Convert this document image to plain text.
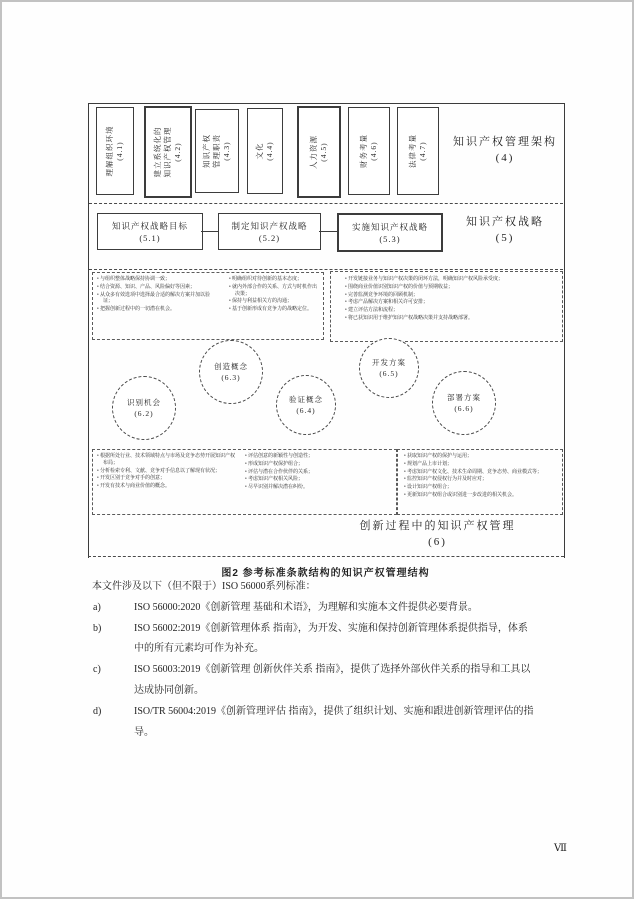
理解组织环境 (4.1)	建立系统化的 知识产权管理 (4.2)	知识产权 管理职责 (4.3)	文化 (4.4)	人力资源 (4.5)	财务考量 (4.6)	法律考量 (4.7) 知识产权管理架构
(4)
知识产权战略目标
(5.1)
制定知识产权战略
(5.2)
实施知识产权战略
(5.3)
知识产权战略
(5)
• 与组织整体战略保持协调一致；
• 结合资源、知识、产品、风险偏好等因素；
• 从众多有效选项中选择最合适的解决方案并加以验证；
• 把握创新过程中的一切潜在机会。
• 明确组织对待创新的基本态度；
• 就内外部合作的关系、方式与时机作出决策；
• 保持与利益相关方的沟通；
• 基于创新形成有竞争力的战略定位。
• 开发链接业务与知识产权决策的闭环方法，明确知识产权风险承受度；
• 围绕商业价值识别知识产权的价值与预期收益；
• 完善监测竞争环境的回顾机制；
• 考虑产品解决方案和相关许可安排；
• 建立评估方法和流程；
• 将已获知识用于维护知识产权战略决策并支持战略部署。
识别机会
(6.2)
创造概念
(6.3)
验证概念
(6.4)
开发方案
(6.5)
部署方案
(6.6)
• 根据所处行业、技术领域特点与市场及竞争态势开展知识产权布局；
• 分析检索专利、文献、竞争对手信息以了解现有状况；
• 开发区别于竞争对手的创意；
• 开发有技术与商业价值的概念。
• 评估创意的新颖性与创造性；
• 形成知识产权保护组合；
• 评估与潜在合作伙伴的关系；
• 考虑知识产权相关风险；
• 尽早识别并解决潜在纠纷。
• 获取知识产权的保护与运用；
• 规划产品上市计划；
• 考虑知识产权文化、技术生命周期、竞争态势、商业模式等；
• 监控知识产权侵权行为并及时应对；
• 设计知识产权组合；
• 更新知识产权组合或识别进一步改进的相关机会。
创新过程中的知识产权管理
(6)
图2 参考标准条款结构的知识产权管理结构
本文件涉及以下（但不限于）ISO 56000系列标准：
a)	ISO 56000:2020《创新管理 基础和术语》，为理解和实施本文件提供必要背景。
b)	ISO 56002:2019《创新管理体系 指南》，为开发、实施和保持创新管理体系提供指导，体系
中的所有元素均可作为补充。
c)	ISO 56003:2019《创新管理 创新伙伴关系 指南》，提供了选择外部伙伴关系的指导和工具以
达成协同创新。
d)	ISO/TR 56004:2019《创新管理评估 指南》，提供了组织计划、实施和跟进创新管理评估的指
导。
Ⅶ
